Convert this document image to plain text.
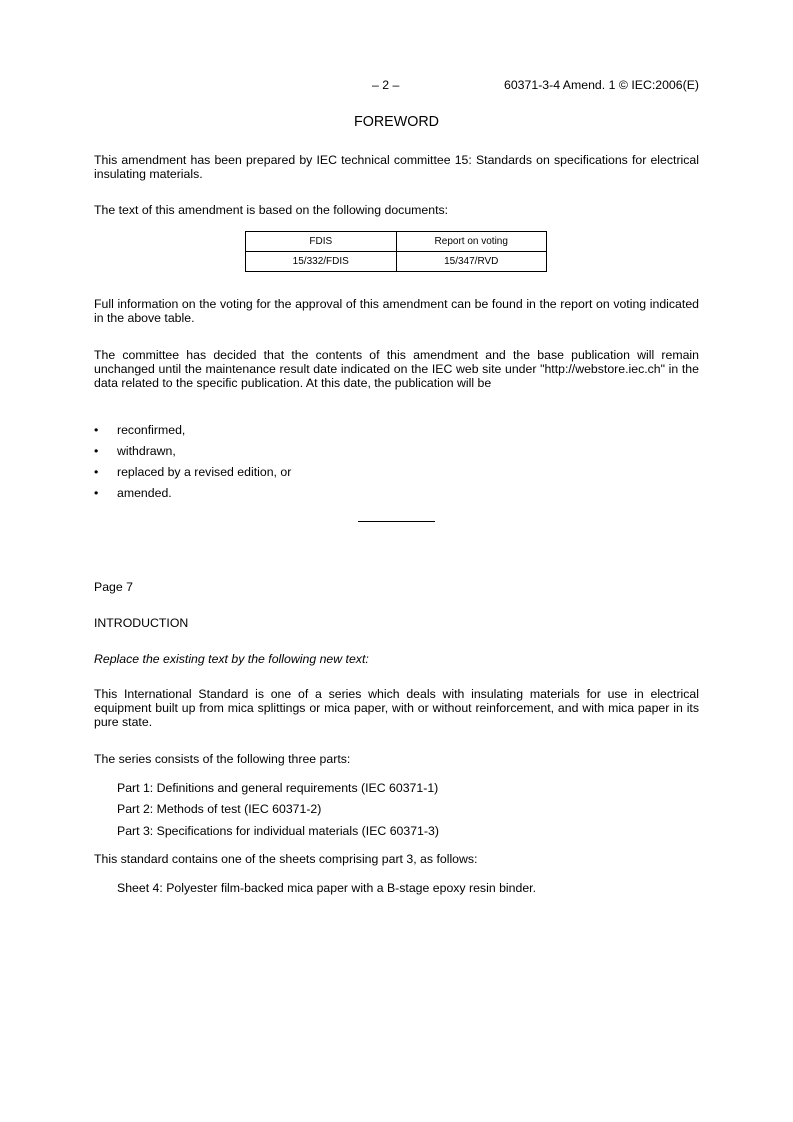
– 2 –	60371-3-4 Amend. 1 © IEC:2006(E)
FOREWORD

This amendment has been prepared by IEC technical committee 15: Standards on specifications for electrical insulating materials.

The text of this amendment is based on the following documents:

FDIS	Report on voting
15/332/FDIS	15/347/RVD

Full information on the voting for the approval of this amendment can be found in the report on voting indicated in the above table.

The committee has decided that the contents of this amendment and the base publication will remain unchanged until the maintenance result date indicated on the IEC web site under "http://webstore.iec.ch" in the data related to the specific publication. At this date, the publication will be

• reconfirmed,
• withdrawn,
• replaced by a revised edition, or
• amended.

Page 7

INTRODUCTION

Replace the existing text by the following new text:

This International Standard is one of a series which deals with insulating materials for use in electrical equipment built up from mica splittings or mica paper, with or without reinforcement, and with mica paper in its pure state.

The series consists of the following three parts:

Part 1: Definitions and general requirements (IEC 60371-1)

Part 2: Methods of test (IEC 60371-2)

Part 3: Specifications for individual materials (IEC 60371-3)

This standard contains one of the sheets comprising part 3, as follows:

Sheet 4: Polyester film-backed mica paper with a B-stage epoxy resin binder.
